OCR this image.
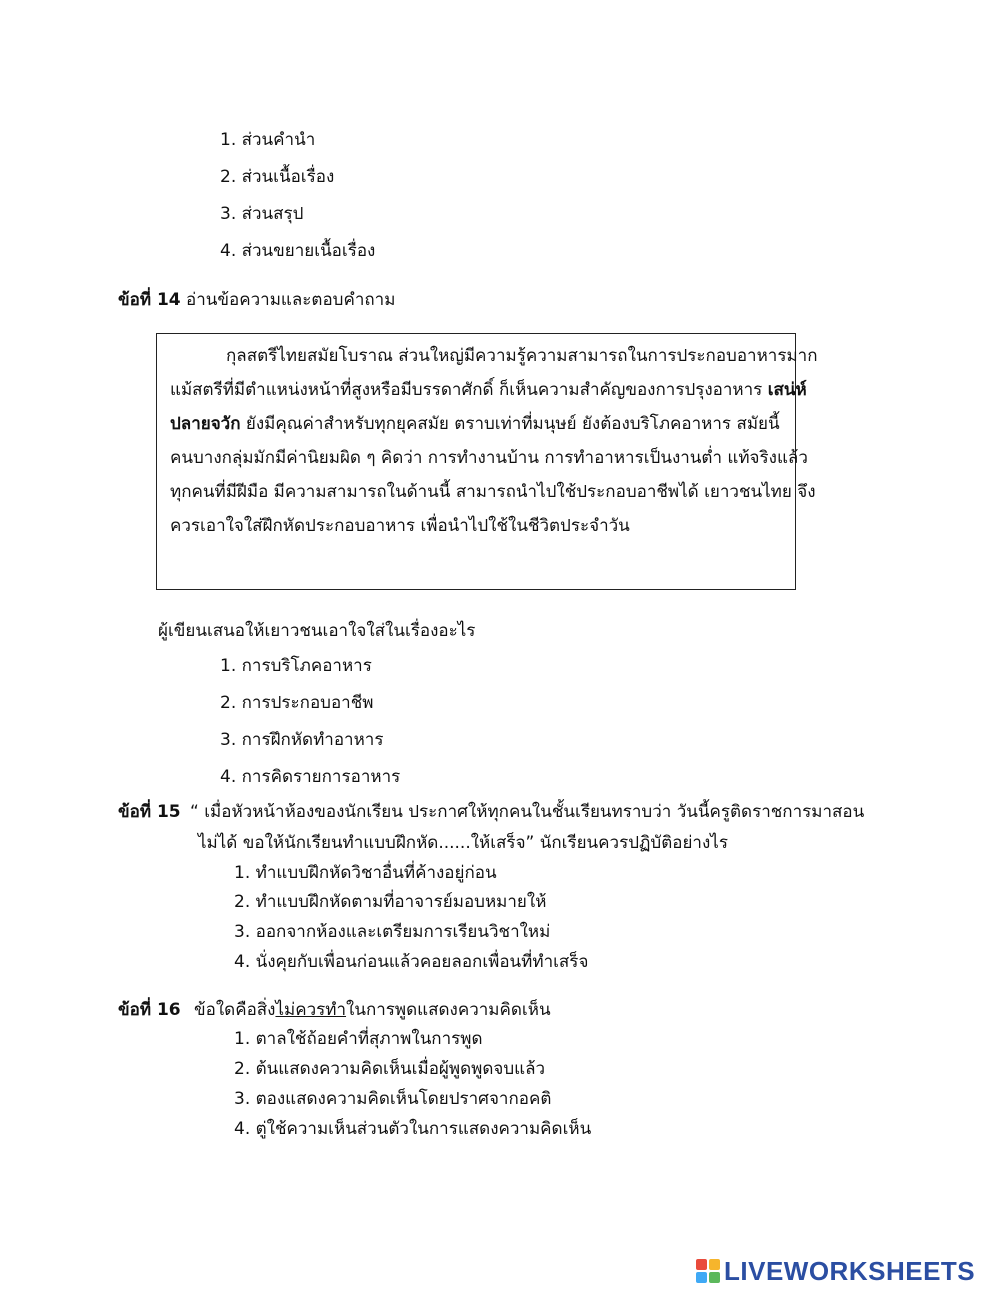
1. ส่วนคำนำ
2. ส่วนเนื้อเรื่อง
3. ส่วนสรุป
4. ส่วนขยายเนื้อเรื่อง
ข้อที่ 14 อ่านข้อความและตอบคำถาม
กุลสตรีไทยสมัยโบราณ ส่วนใหญ่มีความรู้ความสามารถในการประกอบอาหารมาก
แม้สตรีที่มีตำแหน่งหน้าที่สูงหรือมีบรรดาศักดิ์ ก็เห็นความสำคัญของการปรุงอาหาร เสน่ห์
ปลายจวัก ยังมีคุณค่าสำหรับทุกยุคสมัย ตราบเท่าที่มนุษย์ ยังต้องบริโภคอาหาร สมัยนี้
คนบางกลุ่มมักมีค่านิยมผิด ๆ คิดว่า การทำงานบ้าน การทำอาหารเป็นงานต่ำ แท้จริงแล้ว
ทุกคนที่มีฝีมือ มีความสามารถในด้านนี้ สามารถนำไปใช้ประกอบอาชีพได้ เยาวชนไทย จึง
ควรเอาใจใส่ฝึกหัดประกอบอาหาร เพื่อนำไปใช้ในชีวิตประจำวัน
ผู้เขียนเสนอให้เยาวชนเอาใจใส่ในเรื่องอะไร
1. การบริโภคอาหาร
2. การประกอบอาชีพ
3. การฝึกหัดทำอาหาร
4. การคิดรายการอาหาร
ข้อที่ 15 “ เมื่อหัวหน้าห้องของนักเรียน ประกาศให้ทุกคนในชั้นเรียนทราบว่า วันนี้ครูติดราชการมาสอน
ไม่ได้ ขอให้นักเรียนทำแบบฝึกหัด......ให้เสร็จ” นักเรียนควรปฏิบัติอย่างไร
1. ทำแบบฝึกหัดวิชาอื่นที่ค้างอยู่ก่อน
2. ทำแบบฝึกหัดตามที่อาจารย์มอบหมายให้
3. ออกจากห้องและเตรียมการเรียนวิชาใหม่
4. นั่งคุยกับเพื่อนก่อนแล้วคอยลอกเพื่อนที่ทำเสร็จ
ข้อที่ 16 ข้อใดคือสิ่งไม่ควรทำในการพูดแสดงความคิดเห็น
1. ตาลใช้ถ้อยคำที่สุภาพในการพูด
2. ต้นแสดงความคิดเห็นเมื่อผู้พูดพูดจบแล้ว
3. ตองแสดงความคิดเห็นโดยปราศจากอคติ
4. ตู่ใช้ความเห็นส่วนตัวในการแสดงความคิดเห็น
LIVEWORKSHEETS
